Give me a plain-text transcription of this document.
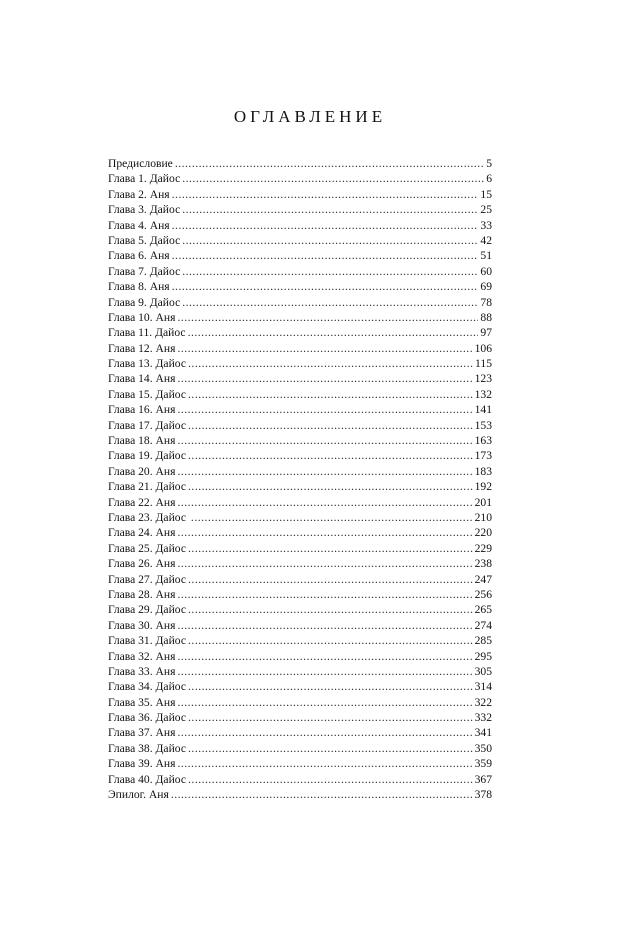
ОГЛАВЛЕНИЕ
Предисловие .....	5
Глава 1. Дайос .....	6
Глава 2. Аня .....	15
Глава 3. Дайос .....	25
Глава 4. Аня .....	33
Глава 5. Дайос .....	42
Глава 6. Аня .....	51
Глава 7. Дайос .....	60
Глава 8. Аня .....	69
Глава 9. Дайос .....	78
Глава 10. Аня .....	88
Глава 11. Дайос .....	97
Глава 12. Аня .....	106
Глава 13. Дайос .....	115
Глава 14. Аня .....	123
Глава 15. Дайос .....	132
Глава 16. Аня .....	141
Глава 17. Дайос .....	153
Глава 18. Аня .....	163
Глава 19. Дайос .....	173
Глава 20. Аня .....	183
Глава 21. Дайос .....	192
Глава 22. Аня .....	201
Глава 23. Дайос .....	210
Глава 24. Аня .....	220
Глава 25. Дайос .....	229
Глава 26. Аня .....	238
Глава 27. Дайос .....	247
Глава 28. Аня .....	256
Глава 29. Дайос .....	265
Глава 30. Аня .....	274
Глава 31. Дайос .....	285
Глава 32. Аня .....	295
Глава 33. Аня .....	305
Глава 34. Дайос .....	314
Глава 35. Аня .....	322
Глава 36. Дайос .....	332
Глава 37. Аня .....	341
Глава 38. Дайос .....	350
Глава 39. Аня .....	359
Глава 40. Дайос .....	367
Эпилог. Аня .....	378
